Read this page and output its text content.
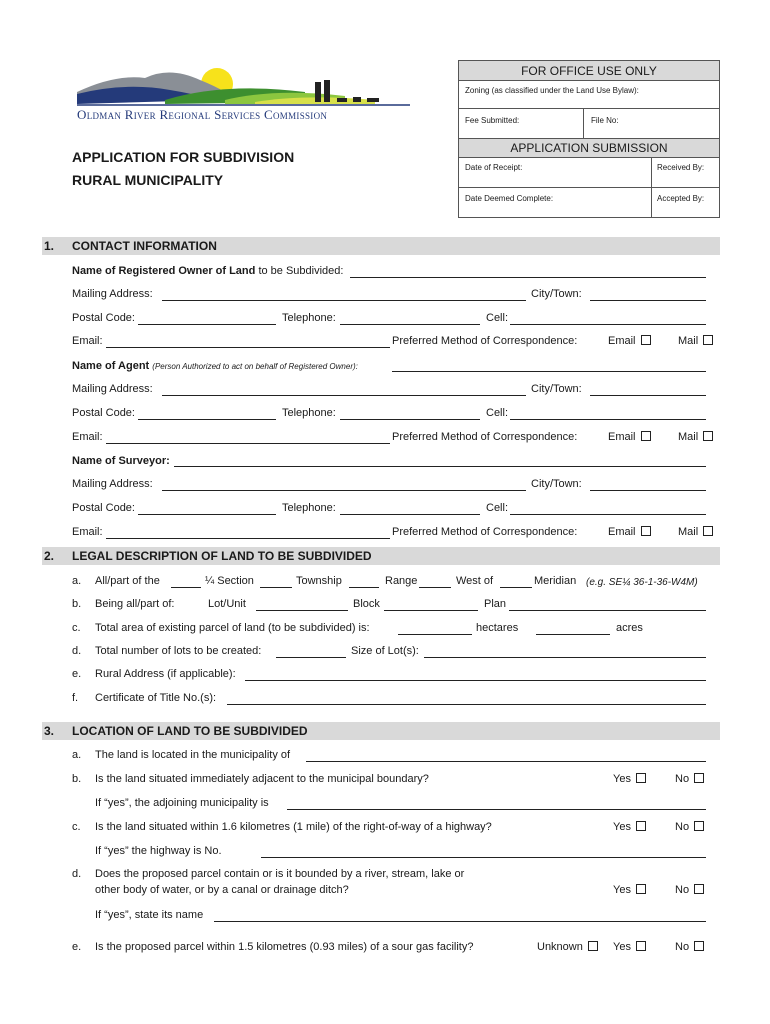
Oldman River Regional Services Commission
APPLICATION FOR SUBDIVISION
RURAL MUNICIPALITY
FOR OFFICE USE ONLY
Zoning (as classified under the Land Use Bylaw):
Fee Submitted:	File No:
APPLICATION SUBMISSION
Date of Receipt:	Received By:
Date Deemed Complete:	Accepted By:
1. CONTACT INFORMATION
Name of Registered Owner of Land to be Subdivided:
Mailing Address:	City/Town:
Postal Code:	Telephone:	Cell:
Email:	Preferred Method of Correspondence:	Email	Mail
Name of Agent (Person Authorized to act on behalf of Registered Owner):
Mailing Address:	City/Town:
Postal Code:	Telephone:	Cell:
Email:	Preferred Method of Correspondence:	Email	Mail
Name of Surveyor:
Mailing Address:	City/Town:
Postal Code:	Telephone:	Cell:
Email:	Preferred Method of Correspondence:	Email	Mail
2. LEGAL DESCRIPTION OF LAND TO BE SUBDIVIDED
a. All/part of the	¼ Section	Township	Range	West of	Meridian (e.g. SE¼ 36-1-36-W4M)
b. Being all/part of:	Lot/Unit	Block	Plan
c. Total area of existing parcel of land (to be subdivided) is:	hectares	acres
d. Total number of lots to be created:	Size of Lot(s):
e. Rural Address (if applicable):
f. Certificate of Title No.(s):
3. LOCATION OF LAND TO BE SUBDIVIDED
a. The land is located in the municipality of
b. Is the land situated immediately adjacent to the municipal boundary?	Yes	No
If “yes”, the adjoining municipality is
c. Is the land situated within 1.6 kilometres (1 mile) of the right-of-way of a highway?	Yes	No
If “yes” the highway is No.
d. Does the proposed parcel contain or is it bounded by a river, stream, lake or
other body of water, or by a canal or drainage ditch?	Yes	No
If “yes”, state its name
e. Is the proposed parcel within 1.5 kilometres (0.93 miles) of a sour gas facility?	Unknown	Yes	No
